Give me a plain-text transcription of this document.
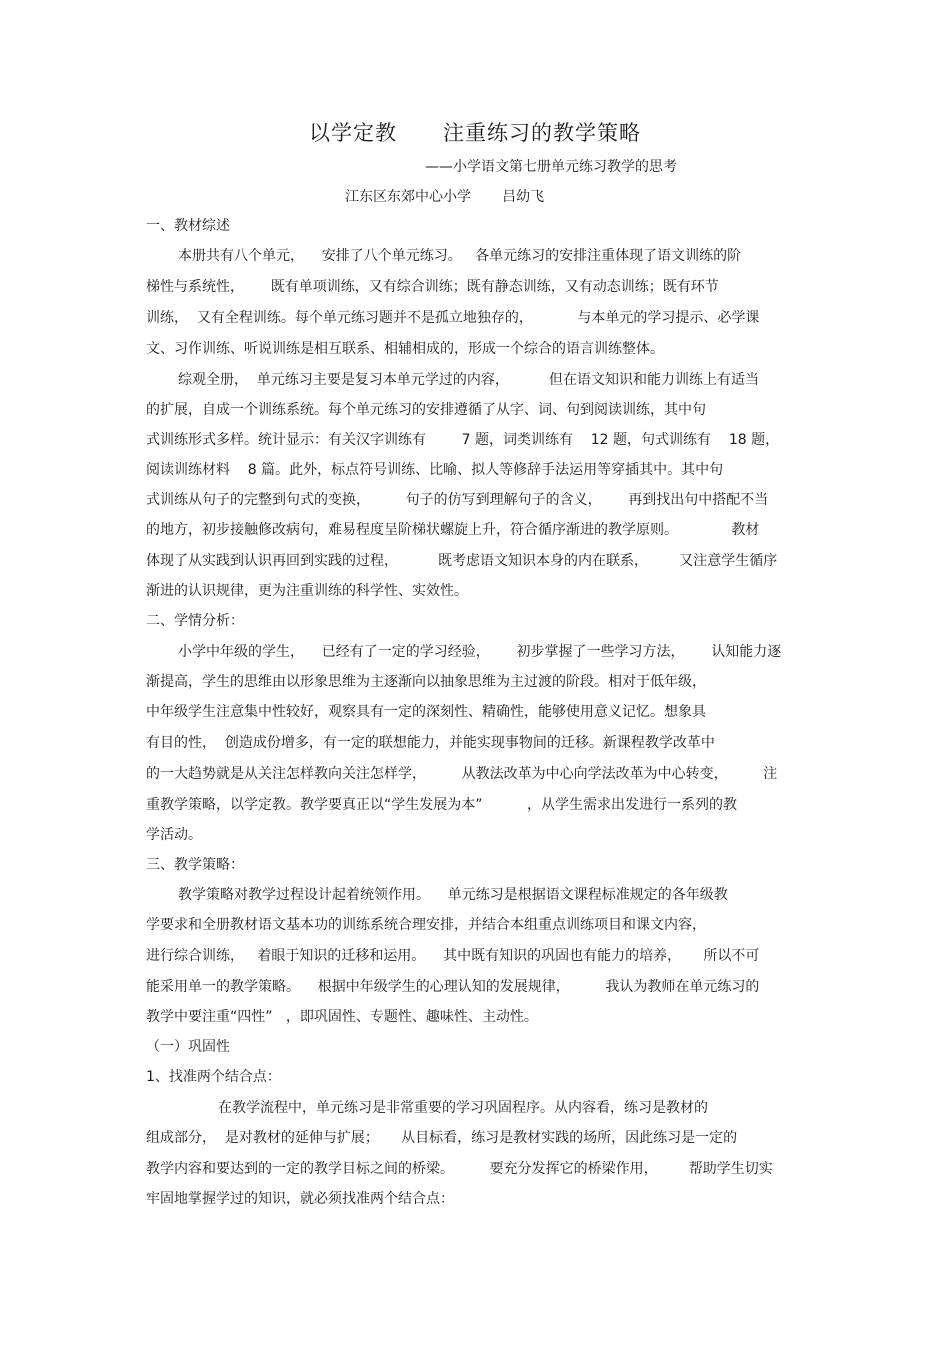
以学定教      注重练习的教学策略
——小学语文第七册单元练习教学的思考
江东区东郊中心小学       吕幼飞
一、教材综述
本册共有八个单元，    安排了八个单元练习。   各单元练习的安排注重体现了语文训练的阶
梯性与系统性，      既有单项训练，又有综合训练；既有静态训练，又有动态训练；既有环节
训练，  又有全程训练。每个单元练习题并不是孤立地独存的，          与本单元的学习提示、必学课
文、习作训练、听说训练是相互联系、相辅相成的，形成一个综合的语言训练整体。
综观全册，  单元练习主要是复习本单元学过的内容，         但在语文知识和能力训练上有适当
的扩展，自成一个训练系统。每个单元练习的安排遵循了从字、词、句到阅读训练，其中句
式训练形式多样。统计显示：有关汉字训练有        7 题，词类训练有    12 题，句式训练有    18 题，
阅读训练材料    8 篇。此外，标点符号训练、比喻、拟人等修辞手法运用等穿插其中。其中句
式训练从句子的完整到句式的变换，        句子的仿写到理解句子的含义，      再到找出句中搭配不当
的地方，初步接触修改病句，难易程度呈阶梯状螺旋上升，符合循序渐进的教学原则。            教材
体现了从实践到认识再回到实践的过程，         既考虑语文知识本身的内在联系，       又注意学生循序
渐进的认识规律，更为注重训练的科学性、实效性。
二、学情分析：
小学中年级的学生，    已经有了一定的学习经验，      初步掌握了一些学习方法，      认知能力逐
渐提高，学生的思维由以形象思维为主逐渐向以抽象思维为主过渡的阶段。相对于低年级，
中年级学生注意集中性较好，观察具有一定的深刻性、精确性，能够使用意义记忆。想象具
有目的性，  创造成份增多，有一定的联想能力，并能实现事物间的迁移。新课程教学改革中
的一大趋势就是从关注怎样教向关注怎样学，        从教法改革为中心向学法改革为中心转变，        注
重教学策略，以学定教。教学要真正以“学生发展为本”          ，从学生需求出发进行一系列的教
学活动。
三、教学策略：
教学策略对教学过程设计起着统领作用。    单元练习是根据语文课程标准规定的各年级教
学要求和全册教材语文基本功的训练系统合理安排，并结合本组重点训练项目和课文内容，
进行综合训练，   着眼于知识的迁移和运用。    其中既有知识的巩固也有能力的培养，     所以不可
能采用单一的教学策略。    根据中年级学生的心理认知的发展规律，        我认为教师在单元练习的
教学中要注重“四性”   ，即巩固性、专题性、趣味性、主动性。
（一）巩固性
1、找准两个结合点：
在教学流程中，单元练习是非常重要的学习巩固程序。从内容看，练习是教材的
组成部分，  是对教材的延伸与扩展；     从目标看，练习是教材实践的场所，因此练习是一定的
教学内容和要达到的一定的教学目标之间的桥梁。        要充分发挥它的桥梁作用，       帮助学生切实
牢固地掌握学过的知识，就必须找准两个结合点：
